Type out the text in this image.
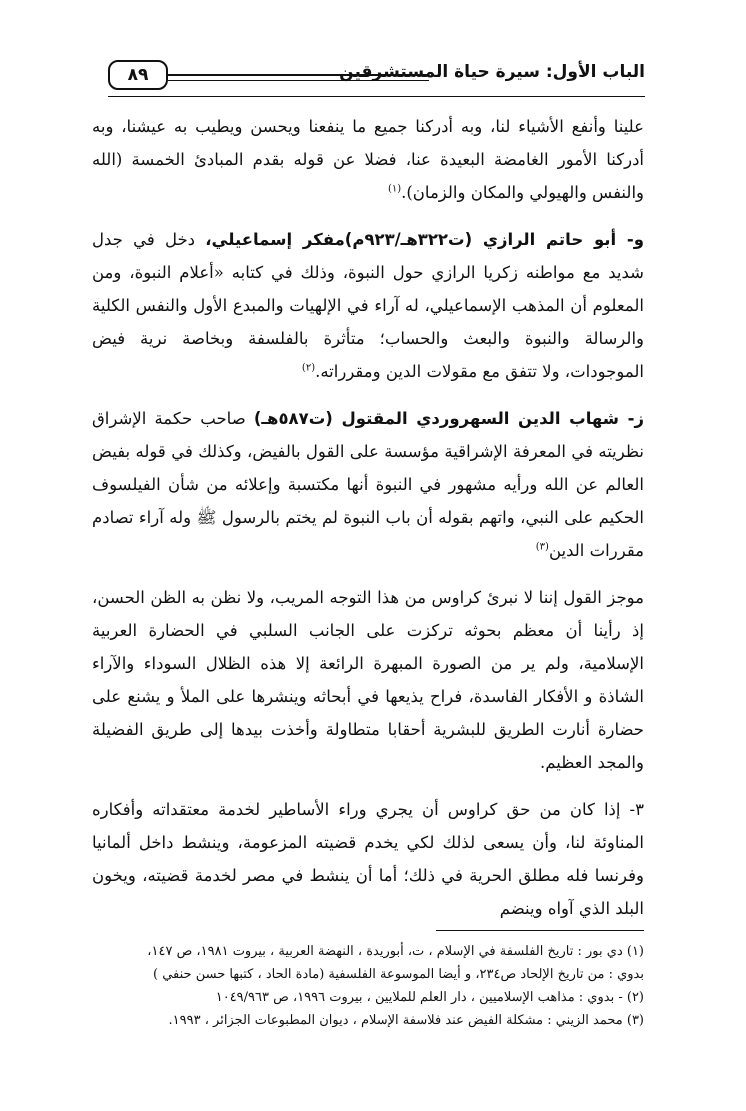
٨٩	الباب الأول: سيرة حياة المستشرقين

علينا وأنفع الأشياء لنا، وبه أدركنا جميع ما ينفعنا ويحسن ويطيب به عيشنا، وبه أدركنا الأمور الغامضة البعيدة عنا، فضلا عن قوله بقدم المبادئ الخمسة (الله والنفس والهيولي والمكان والزمان).$^{(١)}$

و- أبو حاتم الرازي (ت٣٢٢هـ/٩٢٣م)مفكر إسماعيلي، دخل في جدل شديد مع مواطنه زكريا الرازي حول النبوة، وذلك في كتابه «أعلام النبوة، ومن المعلوم أن المذهب الإسماعيلي، له آراء في الإلهيات والمبدع الأول والنفس الكلية والرسالة والنبوة والبعث والحساب؛ متأثرة بالفلسفة وبخاصة نرية فيض الموجودات، ولا تتفق مع مقولات الدين ومقرراته.$^{(٢)}$

ز- شهاب الدين السهروردي المقتول (ت٥٨٧هـ) صاحب حكمة الإشراق نظريته في المعرفة الإشراقية مؤسسة على القول بالفيض، وكذلك في قوله بفيض العالم عن الله ورأيه مشهور في النبوة أنها مكتسبة وإعلائه من شأن الفيلسوف الحكيم على النبي، واتهم بقوله أن باب النبوة لم يختم بالرسول ﷺ وله آراء تصادم مقررات الدين$^{(٣)}$

موجز القول إننا لا نبرئ كراوس من هذا التوجه المريب، ولا نظن به الظن الحسن، إذ رأينا أن معظم بحوثه تركزت على الجانب السلبي في الحضارة العربية الإسلامية، ولم ير من الصورة المبهرة الرائعة إلا هذه الظلال السوداء والآراء الشاذة و الأفكار الفاسدة، فراح يذيعها في أبحاثه وينشرها على الملأ و يشنع على حضارة أنارت الطريق للبشرية أحقابا متطاولة وأخذت بيدها إلى طريق الفضيلة والمجد العظيم.

٣- إذا كان من حق كراوس أن يجري وراء الأساطير لخدمة معتقداته وأفكاره المناوئة لنا، وأن يسعى لذلك لكي يخدم قضيته المزعومة، وينشط داخل ألمانيا وفرنسا فله مطلق الحرية في ذلك؛ أما أن ينشط في مصر لخدمة قضيته، ويخون البلد الذي آواه وينضم

(١) دي بور : تاريخ الفلسفة في الإسلام ، ت، أبوريدة ، النهضة العربية ، بيروت ١٩٨١، ص ١٤٧،

بدوي : من تاريخ الإلحاد ص٢٣٤، و أيضا الموسوعة الفلسفية (مادة الحاد ، كتبها حسن حنفي )

(٢) - بدوي : مذاهب الإسلاميين ، دار العلم للملايين ، بيروت ١٩٩٦، ص ١٠٤٩/٩٦٣

(٣) محمد الزيني : مشكلة الفيض عند فلاسفة الإسلام ، ديوان المطبوعات الجزائر ، ١٩٩٣.
